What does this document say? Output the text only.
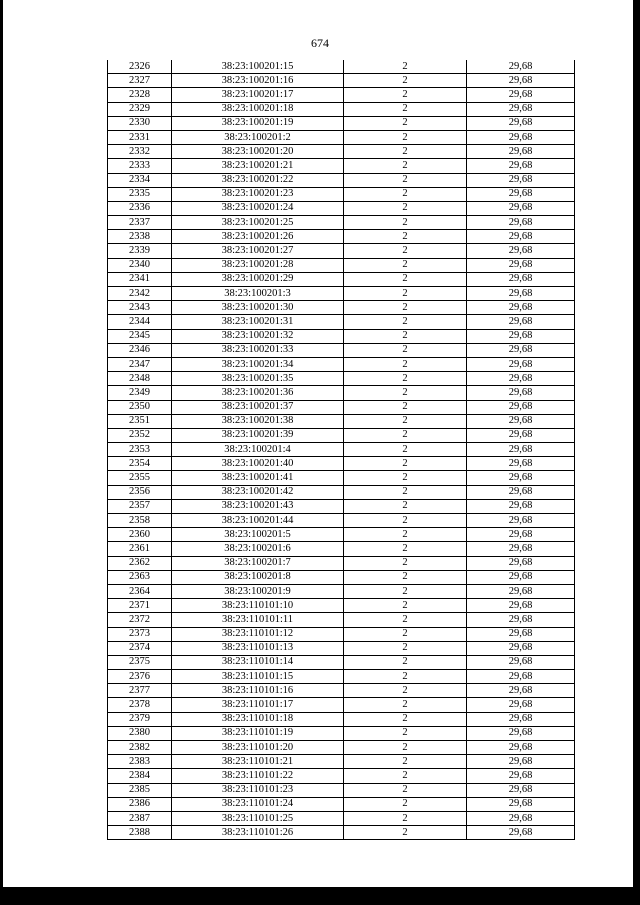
674
2326	38:23:100201:15	2	29,68
2327	38:23:100201:16	2	29,68
2328	38:23:100201:17	2	29,68
2329	38:23:100201:18	2	29,68
2330	38:23:100201:19	2	29,68
2331	38:23:100201:2	2	29,68
2332	38:23:100201:20	2	29,68
2333	38:23:100201:21	2	29,68
2334	38:23:100201:22	2	29,68
2335	38:23:100201:23	2	29,68
2336	38:23:100201:24	2	29,68
2337	38:23:100201:25	2	29,68
2338	38:23:100201:26	2	29,68
2339	38:23:100201:27	2	29,68
2340	38:23:100201:28	2	29,68
2341	38:23:100201:29	2	29,68
2342	38:23:100201:3	2	29,68
2343	38:23:100201:30	2	29,68
2344	38:23:100201:31	2	29,68
2345	38:23:100201:32	2	29,68
2346	38:23:100201:33	2	29,68
2347	38:23:100201:34	2	29,68
2348	38:23:100201:35	2	29,68
2349	38:23:100201:36	2	29,68
2350	38:23:100201:37	2	29,68
2351	38:23:100201:38	2	29,68
2352	38:23:100201:39	2	29,68
2353	38:23:100201:4	2	29,68
2354	38:23:100201:40	2	29,68
2355	38:23:100201:41	2	29,68
2356	38:23:100201:42	2	29,68
2357	38:23:100201:43	2	29,68
2358	38:23:100201:44	2	29,68
2360	38:23:100201:5	2	29,68
2361	38:23:100201:6	2	29,68
2362	38:23:100201:7	2	29,68
2363	38:23:100201:8	2	29,68
2364	38:23:100201:9	2	29,68
2371	38:23:110101:10	2	29,68
2372	38:23:110101:11	2	29,68
2373	38:23:110101:12	2	29,68
2374	38:23:110101:13	2	29,68
2375	38:23:110101:14	2	29,68
2376	38:23:110101:15	2	29,68
2377	38:23:110101:16	2	29,68
2378	38:23:110101:17	2	29,68
2379	38:23:110101:18	2	29,68
2380	38:23:110101:19	2	29,68
2382	38:23:110101:20	2	29,68
2383	38:23:110101:21	2	29,68
2384	38:23:110101:22	2	29,68
2385	38:23:110101:23	2	29,68
2386	38:23:110101:24	2	29,68
2387	38:23:110101:25	2	29,68
2388	38:23:110101:26	2	29,68
